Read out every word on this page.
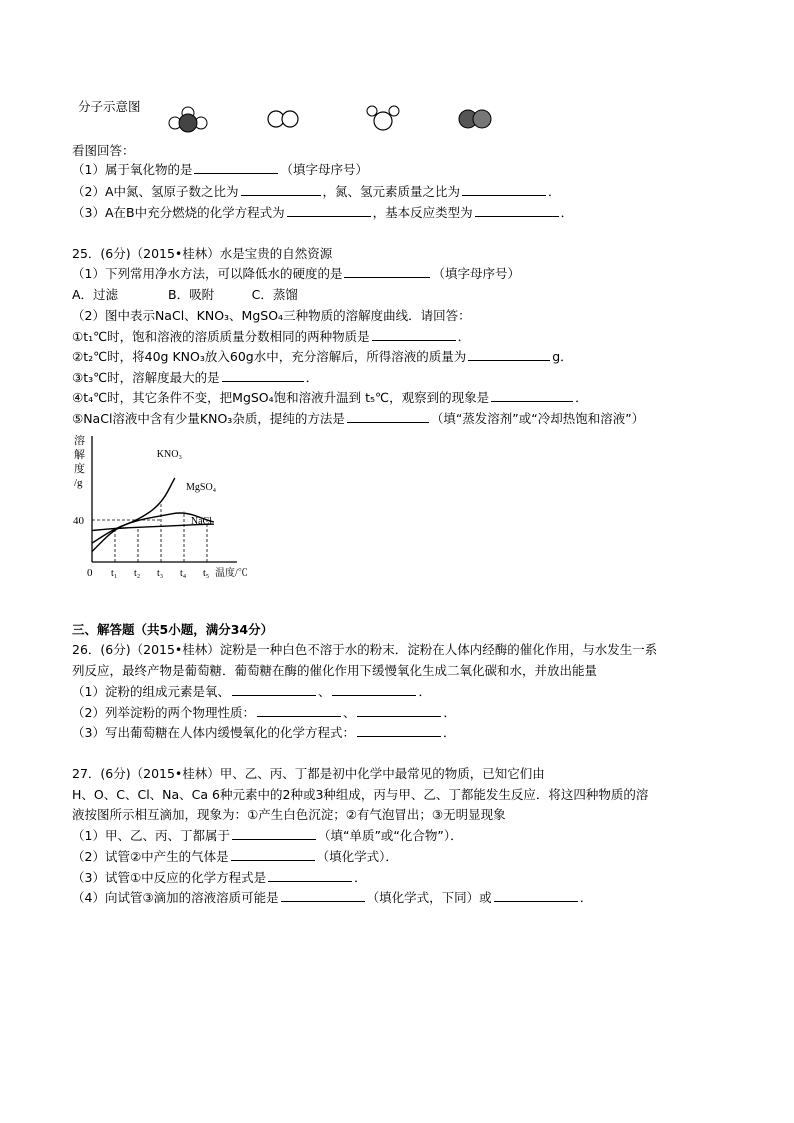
分子示意图
看图回答：
（1）属于氧化物的是	（填字母序号）
（2）A中氮、氢原子数之比为	，氮、氢元素质量之比为	．
（3）A在B中充分燃烧的化学方程式为	，基本反应类型为	．
25．(6分)（2015•桂林）水是宝贵的自然资源
（1）下列常用净水方法，可以降低水的硬度的是	（填字母序号）
A．过滤　　　　B．吸附　　　C．蒸馏
（2）图中表示NaCl、KNO₃、MgSO₄三种物质的溶解度曲线．请回答：
①t₁℃时，饱和溶液的溶质质量分数相同的两种物质是	．
②t₂℃时，将40g KNO₃放入60g水中，充分溶解后，所得溶液的质量为	g．
③t₃℃时，溶解度最大的是	．
④t₄℃时，其它条件不变，把MgSO₄饱和溶液升温到 t₅℃，观察到的现象是	．
⑤NaCl溶液中含有少量KNO₃杂质，提纯的方法是	（填“蒸发溶剂”或“冷却热饱和溶液”）
溶
解
度
/g
40
0 t₁ t₂ t₃ t₄ t₅ 温度/℃
KNO₃
MgSO₄
NaCl
三、解答题（共5小题，满分34分）
26．(6分)（2015•桂林）淀粉是一种白色不溶于水的粉末．淀粉在人体内经酶的催化作用，与水发生一系
列反应，最终产物是葡萄糖．葡萄糖在酶的催化作用下缓慢氧化生成二氧化碳和水，并放出能量
（1）淀粉的组成元素是氧、	、	．
（2）列举淀粉的两个物理性质：	、	．
（3）写出葡萄糖在人体内缓慢氧化的化学方程式：	．
27．(6分)（2015•桂林）甲、乙、丙、丁都是初中化学中最常见的物质，已知它们由
H、O、C、Cl、Na、Ca 6种元素中的2种或3种组成，丙与甲、乙、丁都能发生反应．将这四种物质的溶
液按图所示相互滴加，现象为：①产生白色沉淀；②有气泡冒出；③无明显现象
（1）甲、乙、丙、丁都属于	（填“单质”或“化合物”）．
（2）试管②中产生的气体是	（填化学式）．
（3）试管①中反应的化学方程式是	．
（4）向试管③滴加的溶液溶质可能是	（填化学式，下同）或	．
